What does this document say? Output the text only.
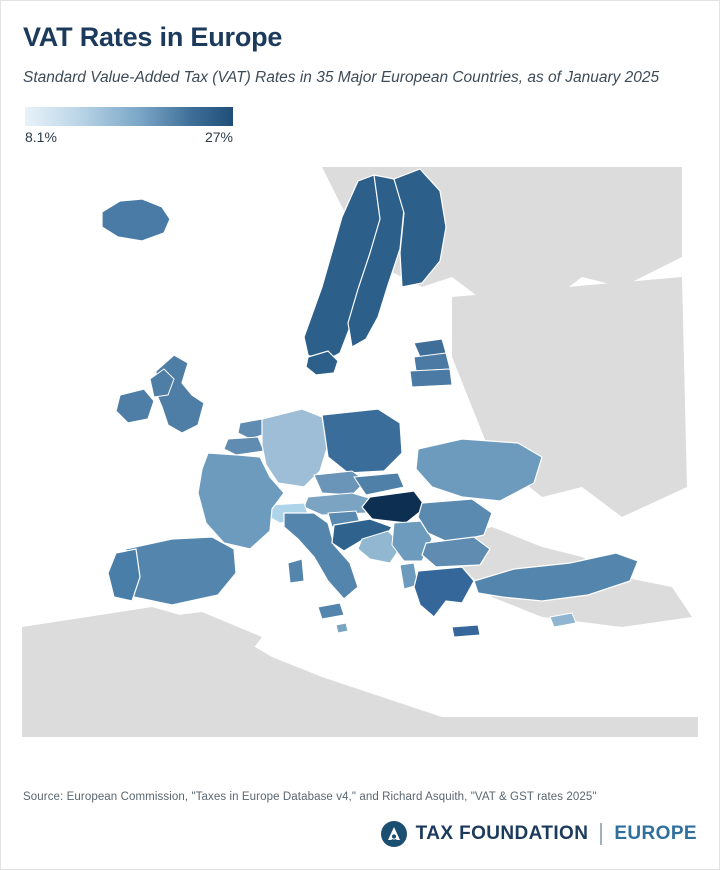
VAT Rates in Europe

Standard Value-Added Tax (VAT) Rates in 35 Major European Countries, as of January 2025

8.1%	27%
Source: European Commission, "Taxes in Europe Database v4," and Richard Asquith, "VAT & GST rates 2025"
TAX FOUNDATION EUROPE
